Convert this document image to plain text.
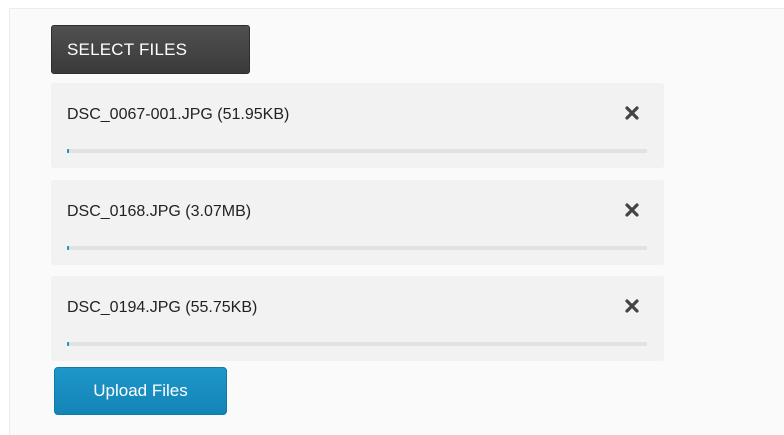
SELECT FILES
DSC_0067-001.JPG (51.95KB)
DSC_0168.JPG (3.07MB)
DSC_0194.JPG (55.75KB)
Upload Files
